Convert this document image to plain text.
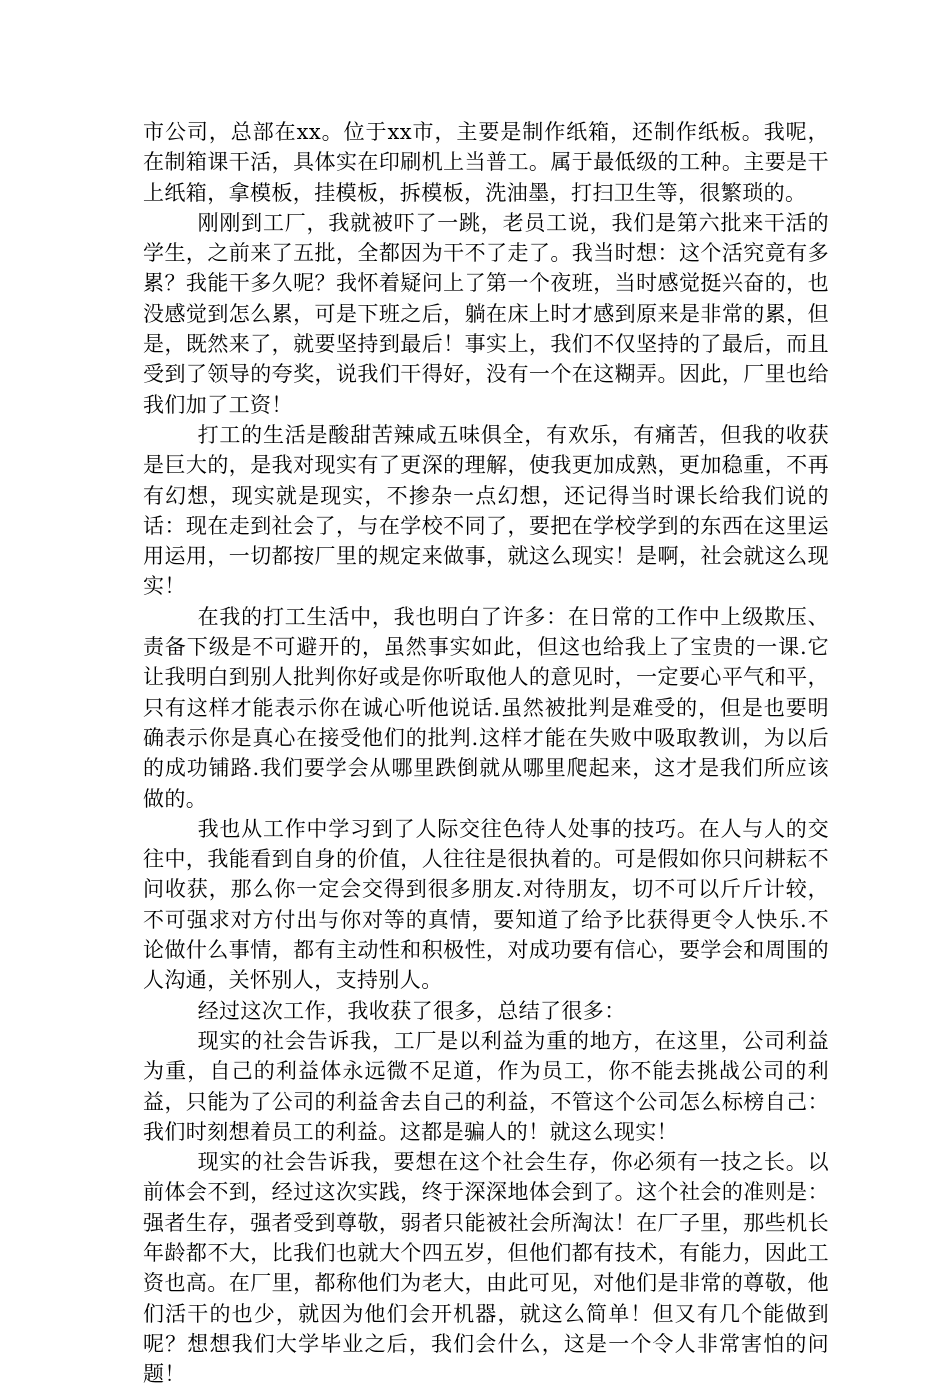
市公司，总部在xx。位于xx市，主要是制作纸箱，还制作纸板。我呢，在制箱课干活，具体实在印刷机上当普工。属于最低级的工种。主要是干上纸箱，拿模板，挂模板，拆模板，洗油墨，打扫卫生等，很繁琐的。

刚刚到工厂，我就被吓了一跳，老员工说，我们是第六批来干活的学生，之前来了五批，全都因为干不了走了。我当时想：这个活究竟有多累？我能干多久呢？我怀着疑问上了第一个夜班，当时感觉挺兴奋的，也没感觉到怎么累，可是下班之后，躺在床上时才感到原来是非常的累，但是，既然来了，就要坚持到最后！事实上，我们不仅坚持的了最后，而且受到了领导的夸奖，说我们干得好，没有一个在这糊弄。因此，厂里也给我们加了工资！

打工的生活是酸甜苦辣咸五味俱全，有欢乐，有痛苦，但我的收获是巨大的，是我对现实有了更深的理解，使我更加成熟，更加稳重，不再有幻想，现实就是现实，不掺杂一点幻想，还记得当时课长给我们说的话：现在走到社会了，与在学校不同了，要把在学校学到的东西在这里运用运用，一切都按厂里的规定来做事，就这么现实！是啊，社会就这么现实！

在我的打工生活中，我也明白了许多：在日常的工作中上级欺压、责备下级是不可避开的，虽然事实如此，但这也给我上了宝贵的一课.它让我明白到别人批判你好或是你听取他人的意见时，一定要心平气和平，只有这样才能表示你在诚心听他说话.虽然被批判是难受的，但是也要明确表示你是真心在接受他们的批判.这样才能在失败中吸取教训，为以后的成功铺路.我们要学会从哪里跌倒就从哪里爬起来，这才是我们所应该做的。

我也从工作中学习到了人际交往色待人处事的技巧。在人与人的交往中，我能看到自身的价值，人往往是很执着的。可是假如你只问耕耘不问收获，那么你一定会交得到很多朋友.对待朋友，切不可以斤斤计较，不可强求对方付出与你对等的真情，要知道了给予比获得更令人快乐.不论做什么事情，都有主动性和积极性，对成功要有信心，要学会和周围的人沟通，关怀别人，支持别人。

经过这次工作，我收获了很多，总结了很多：

现实的社会告诉我，工厂是以利益为重的地方，在这里，公司利益为重，自己的利益体永远微不足道，作为员工，你不能去挑战公司的利益，只能为了公司的利益舍去自己的利益，不管这个公司怎么标榜自己：我们时刻想着员工的利益。这都是骗人的！就这么现实！

现实的社会告诉我，要想在这个社会生存，你必须有一技之长。以前体会不到，经过这次实践，终于深深地体会到了。这个社会的准则是：强者生存，强者受到尊敬，弱者只能被社会所淘汰！在厂子里，那些机长年龄都不大，比我们也就大个四五岁，但他们都有技术，有能力，因此工资也高。在厂里，都称他们为老大，由此可见，对他们是非常的尊敬，他们活干的也少，就因为他们会开机器，就这么简单！但又有几个能做到呢？想想我们大学毕业之后，我们会什么，这是一个令人非常害怕的问题！
